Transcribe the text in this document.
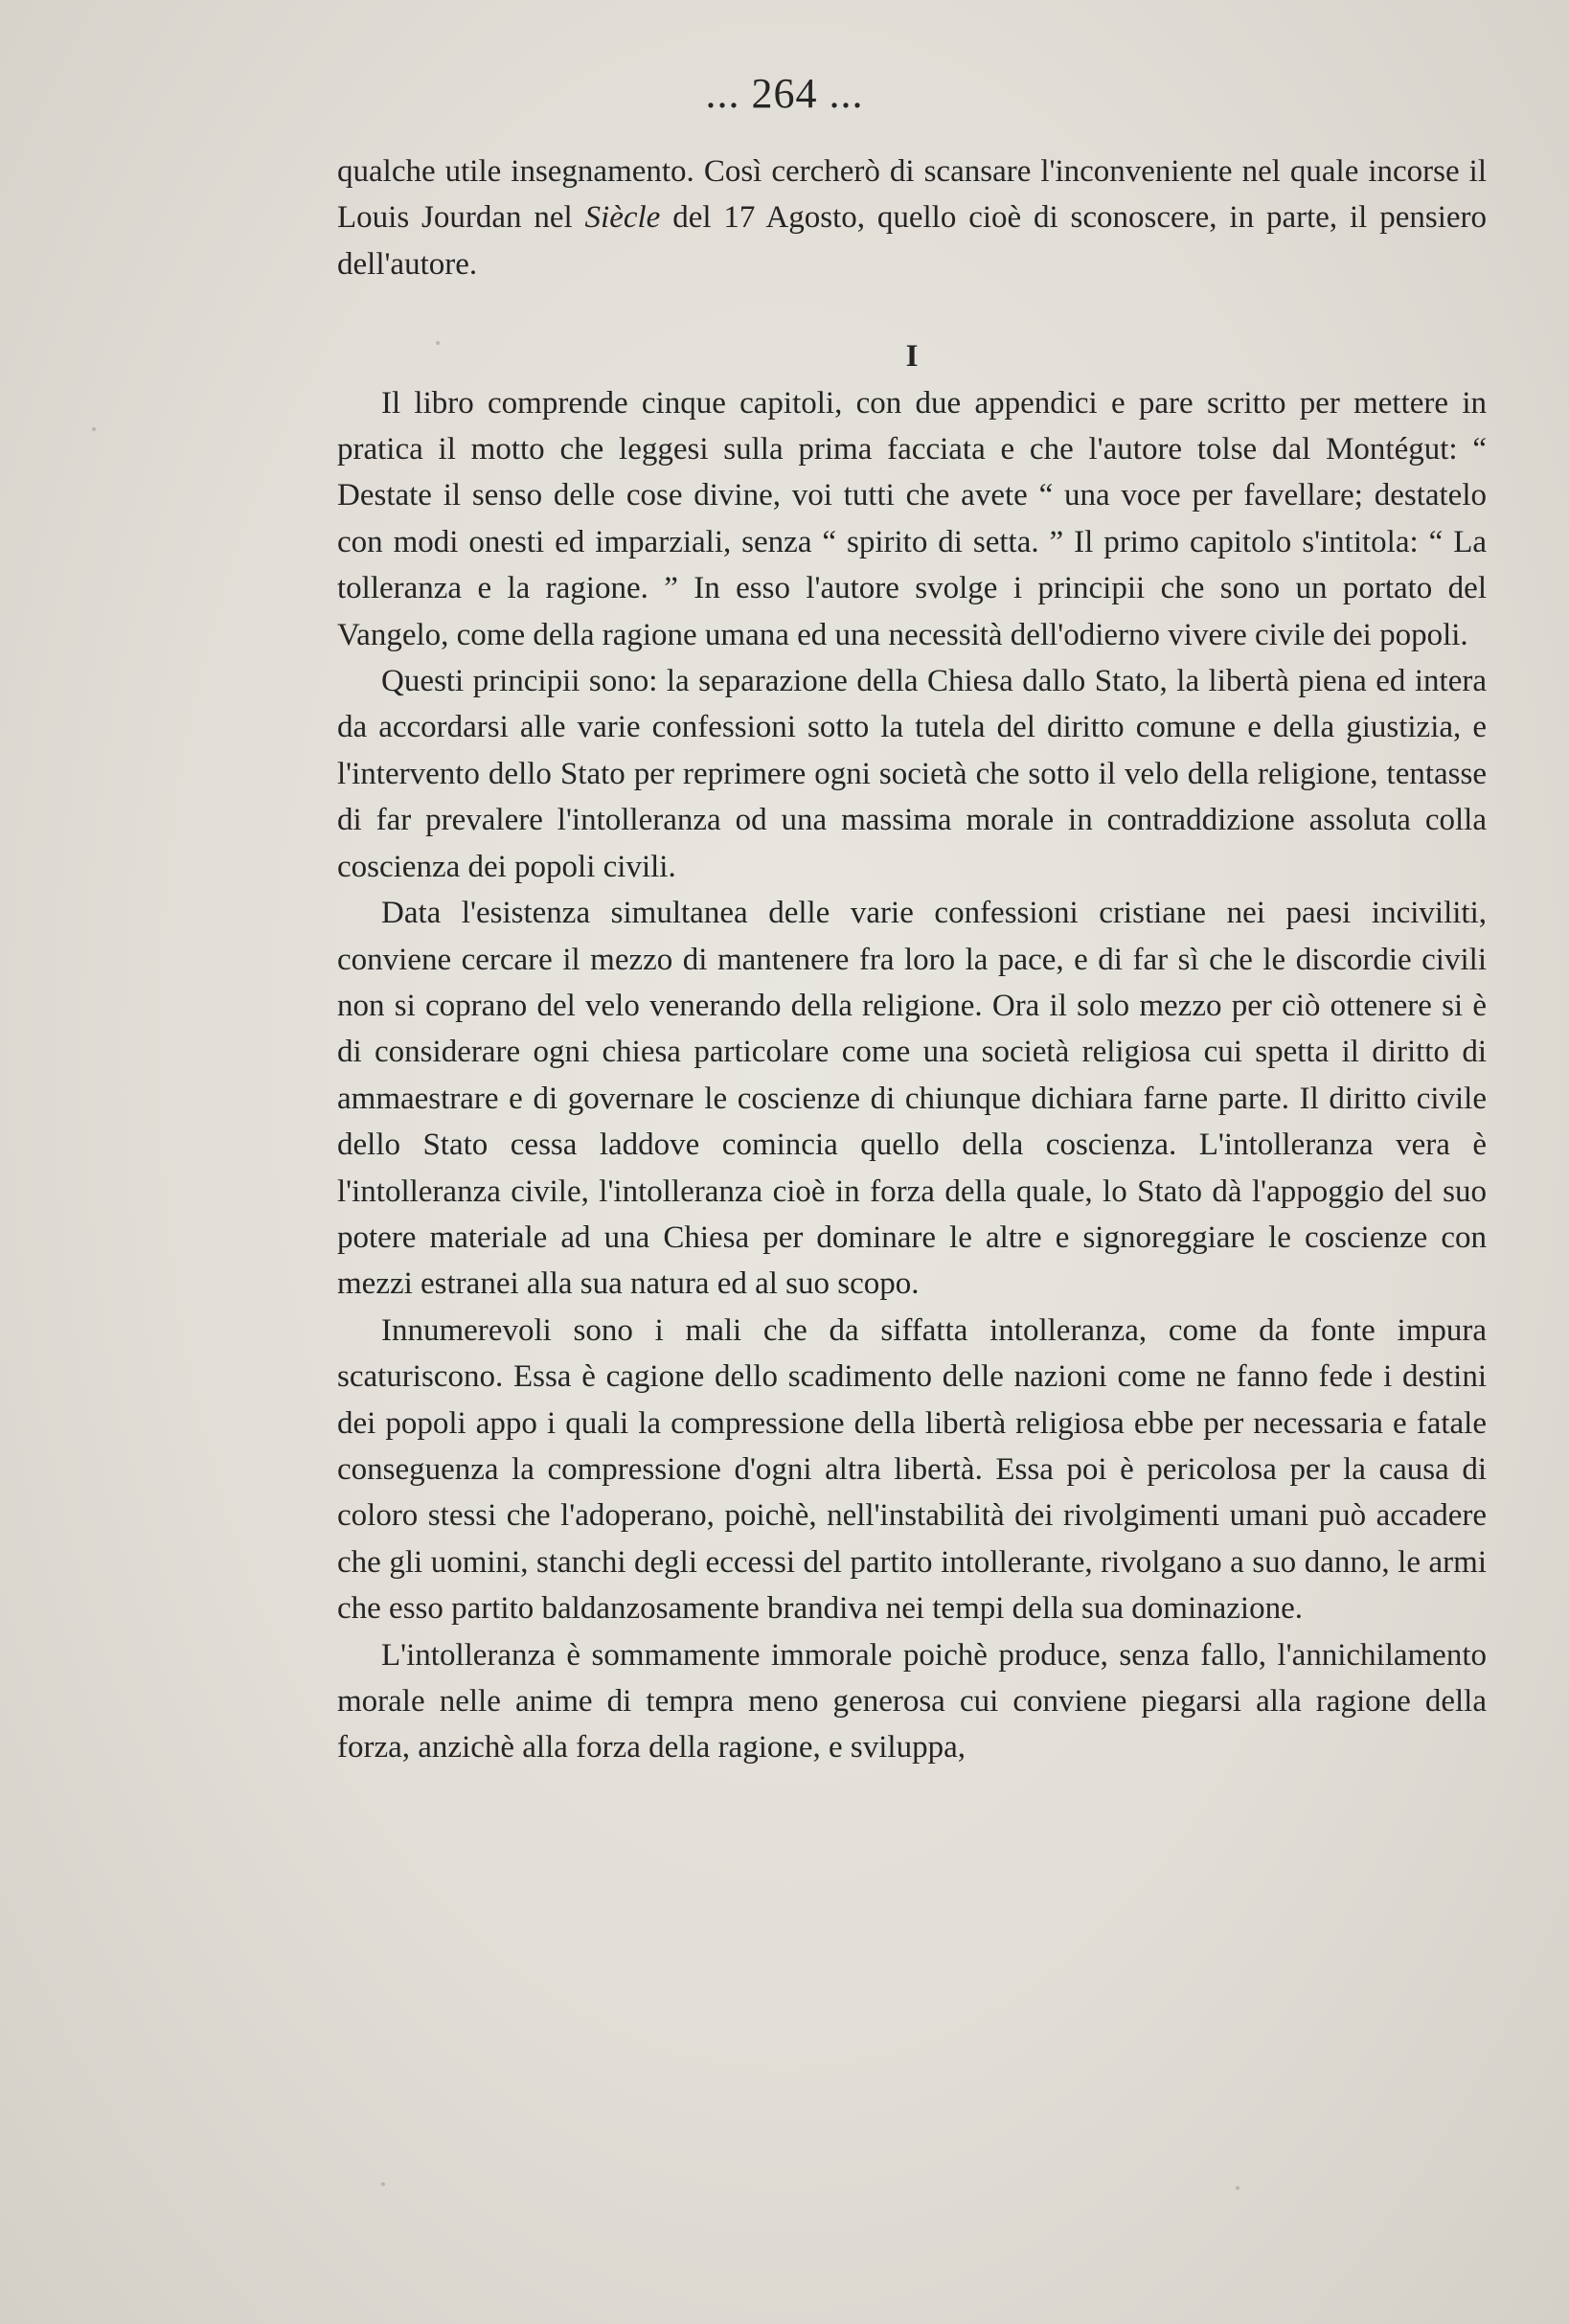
... 264 ...

qualche utile insegnamento. Così cercherò di scansare l'inconveniente nel quale incorse il Louis Jourdan nel Siècle del 17 Agosto, quello cioè di sconoscere, in parte, il pensiero dell'autore.

I

Il libro comprende cinque capitoli, con due appendici e pare scritto per mettere in pratica il motto che leggesi sulla prima facciata e che l'autore tolse dal Montégut: “ Destate il senso delle cose divine, voi tutti che avete “ una voce per favellare; destatelo con modi onesti ed imparziali, senza “ spirito di setta. ” Il primo capitolo s'intitola: “ La tolleranza e la ragione. ” In esso l'autore svolge i principii che sono un portato del Vangelo, come della ragione umana ed una necessità dell'odierno vivere civile dei popoli.

Questi principii sono: la separazione della Chiesa dallo Stato, la libertà piena ed intera da accordarsi alle varie confessioni sotto la tutela del diritto comune e della giustizia, e l'intervento dello Stato per reprimere ogni società che sotto il velo della religione, tentasse di far prevalere l'intolleranza od una massima morale in contraddizione assoluta colla coscienza dei popoli civili.

Data l'esistenza simultanea delle varie confessioni cristiane nei paesi inciviliti, conviene cercare il mezzo di mantenere fra loro la pace, e di far sì che le discordie civili non si coprano del velo venerando della religione. Ora il solo mezzo per ciò ottenere si è di considerare ogni chiesa particolare come una società religiosa cui spetta il diritto di ammaestrare e di governare le coscienze di chiunque dichiara farne parte. Il diritto civile dello Stato cessa laddove comincia quello della coscienza. L'intolleranza vera è l'intolleranza civile, l'intolleranza cioè in forza della quale, lo Stato dà l'appoggio del suo potere materiale ad una Chiesa per dominare le altre e signoreggiare le coscienze con mezzi estranei alla sua natura ed al suo scopo.

Innumerevoli sono i mali che da siffatta intolleranza, come da fonte impura scaturiscono. Essa è cagione dello scadimento delle nazioni come ne fanno fede i destini dei popoli appo i quali la compressione della libertà religiosa ebbe per necessaria e fatale conseguenza la compressione d'ogni altra libertà. Essa poi è pericolosa per la causa di coloro stessi che l'adoperano, poichè, nell'instabilità dei rivolgimenti umani può accadere che gli uomini, stanchi degli eccessi del partito intollerante, rivolgano a suo danno, le armi che esso partito baldanzosamente brandiva nei tempi della sua dominazione.

L'intolleranza è sommamente immorale poichè produce, senza fallo, l'annichilamento morale nelle anime di tempra meno generosa cui conviene piegarsi alla ragione della forza, anzichè alla forza della ragione, e sviluppa,
